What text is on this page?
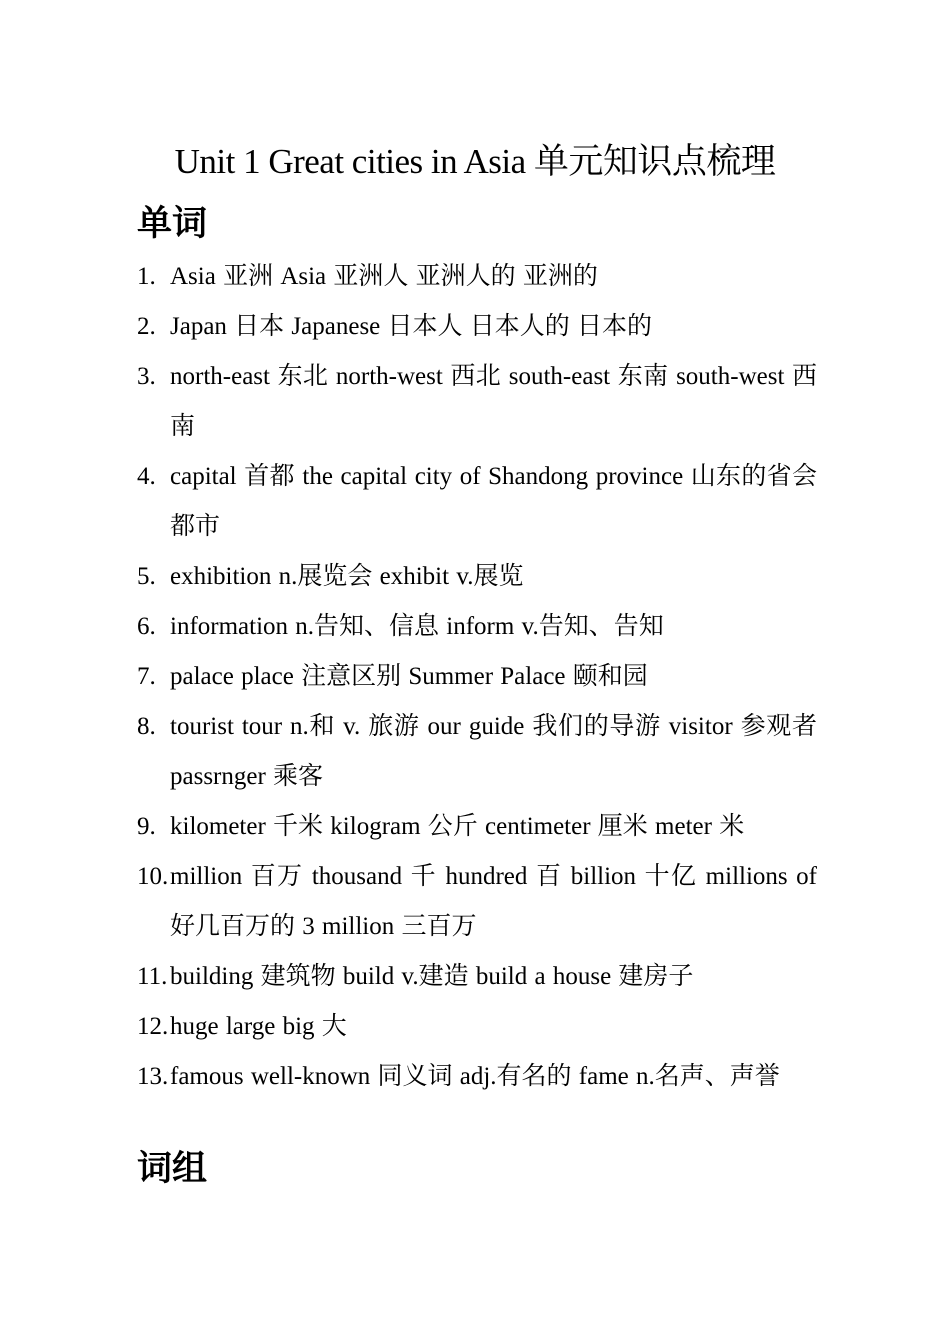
Unit 1 Great cities in Asia 单元知识点梳理
单词
1. Asia 亚洲 Asia 亚洲人 亚洲人的 亚洲的
2. Japan 日本 Japanese 日本人 日本人的 日本的
3. north-east 东北 north-west 西北 south-east 东南 south-west 西南
4. capital 首都 the capital city of Shandong province 山东的省会都市
5. exhibition n.展览会 exhibit v.展览
6. information n.告知、信息 inform v.告知、告知
7. palace place 注意区别 Summer Palace 颐和园
8. tourist tour n.和 v. 旅游 our guide 我们的导游 visitor 参观者 passrnger 乘客
9. kilometer 千米 kilogram 公斤 centimeter 厘米 meter 米
10. million 百万 thousand 千 hundred 百 billion 十亿 millions of 好几百万的 3 million 三百万
11. building 建筑物 build v.建造 build a house 建房子
12. huge large big 大
13. famous well-known 同义词 adj.有名的 fame n.名声、声誉
词组
